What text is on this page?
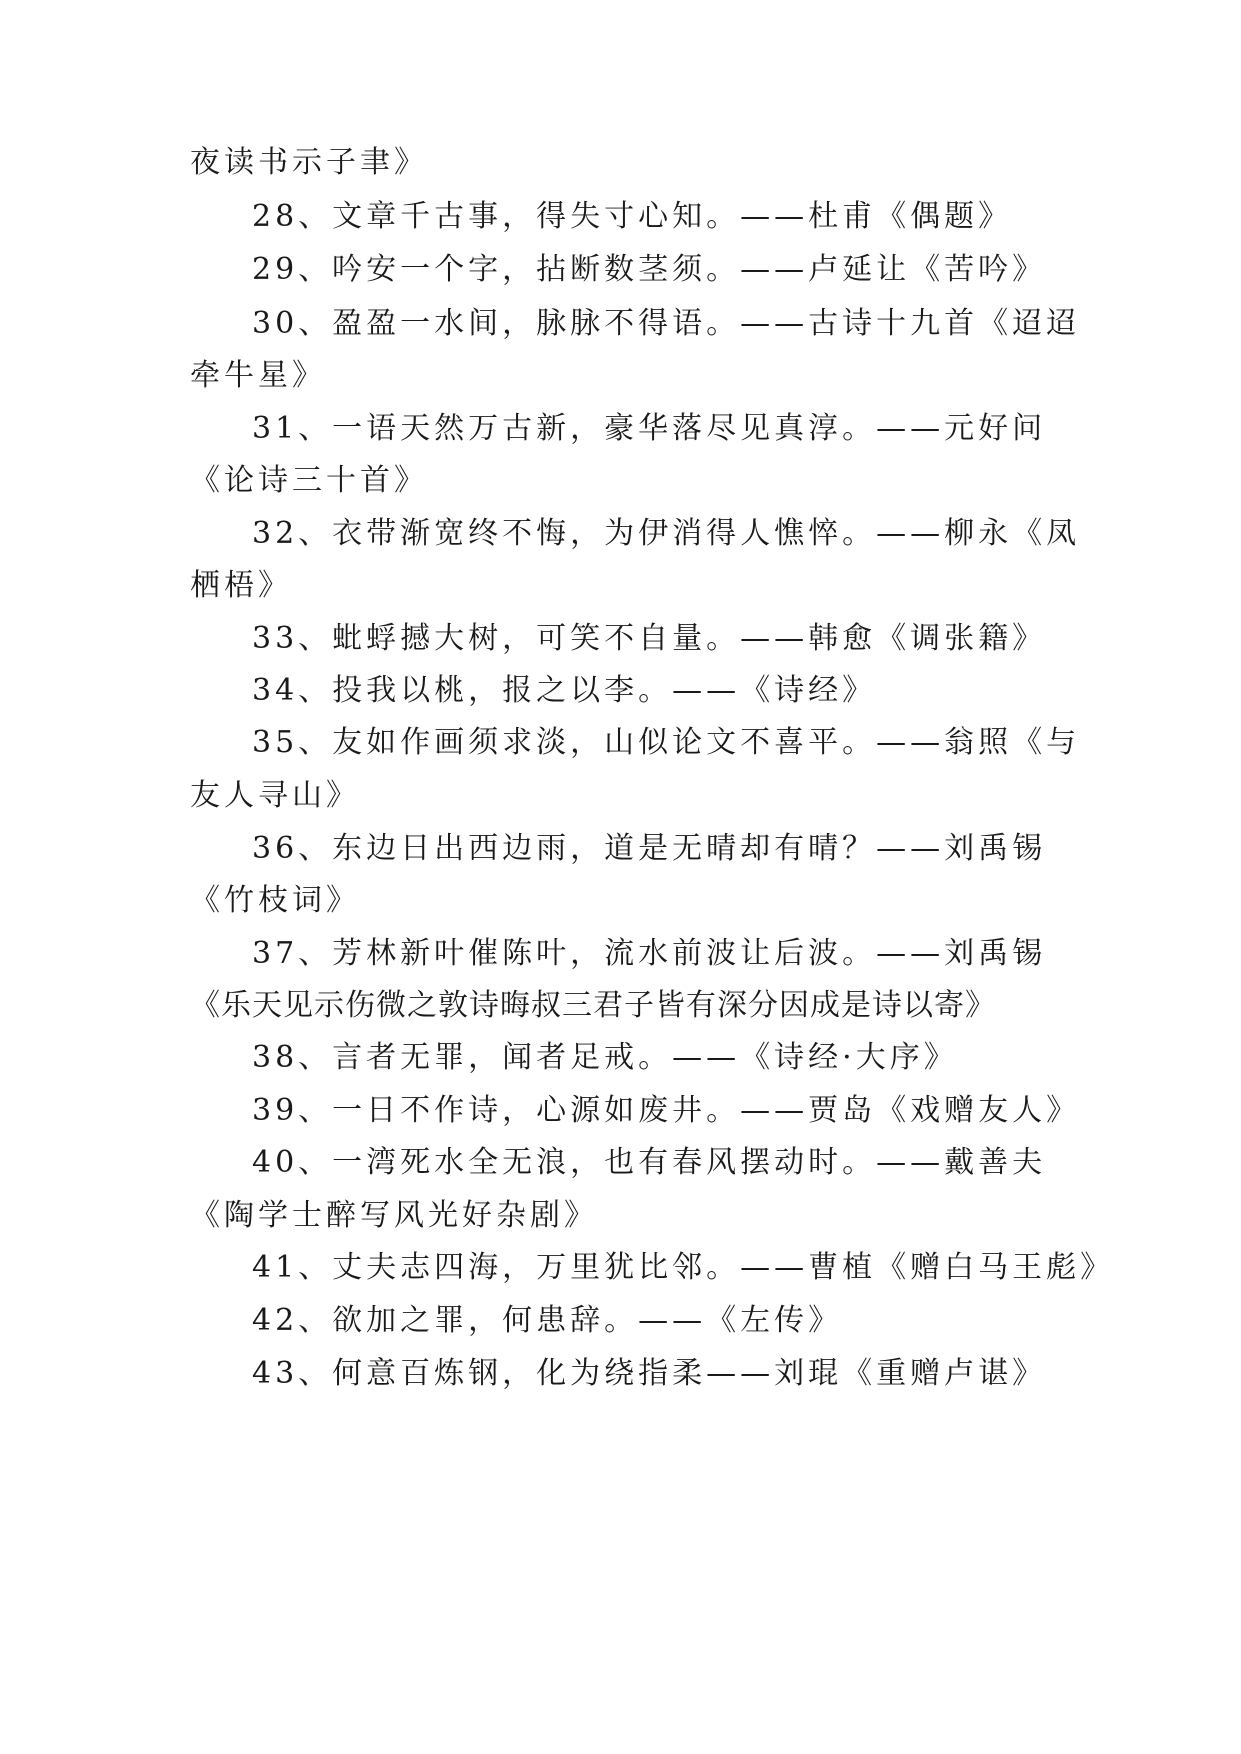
夜读书示子聿》
28、文章千古事，得失寸心知。——杜甫《偶题》
29、吟安一个字，拈断数茎须。——卢延让《苦吟》
30、盈盈一水间，脉脉不得语。——古诗十九首《迢迢
牵牛星》
31、一语天然万古新，豪华落尽见真淳。——元好问
《论诗三十首》
32、衣带渐宽终不悔，为伊消得人憔悴。——柳永《凤
栖梧》
33、蚍蜉撼大树，可笑不自量。——韩愈《调张籍》
34、投我以桃，报之以李。——《诗经》
35、友如作画须求淡，山似论文不喜平。——翁照《与
友人寻山》
36、东边日出西边雨，道是无晴却有晴？——刘禹锡
《竹枝词》
37、芳林新叶催陈叶，流水前波让后波。——刘禹锡
《乐天见示伤微之敦诗晦叔三君子皆有深分因成是诗以寄》
38、言者无罪，闻者足戒。——《诗经·大序》
39、一日不作诗，心源如废井。——贾岛《戏赠友人》
40、一湾死水全无浪，也有春风摆动时。——戴善夫
《陶学士醉写风光好杂剧》
41、丈夫志四海，万里犹比邻。——曹植《赠白马王彪》
42、欲加之罪，何患辞。——《左传》
43、何意百炼钢，化为绕指柔——刘琨《重赠卢谌》
